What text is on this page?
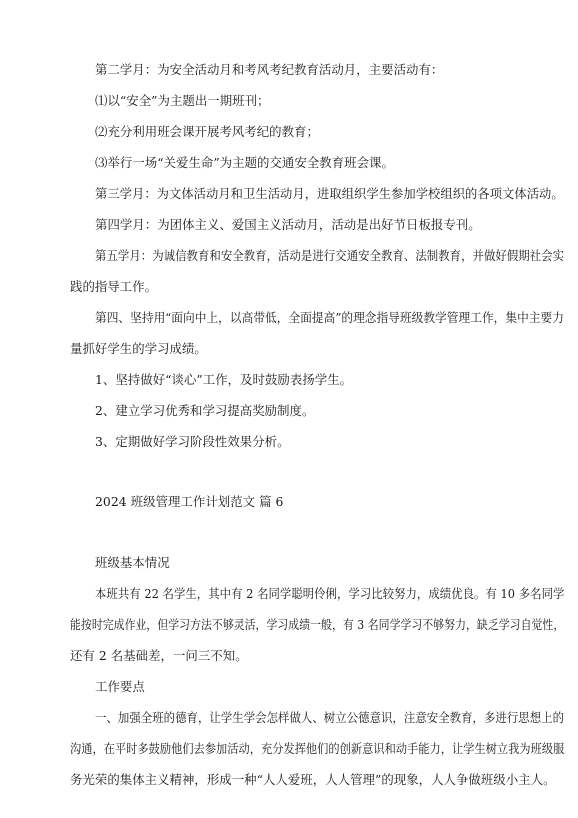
第二学月：为安全活动月和考风考纪教育活动月，主要活动有：
⑴以“安全”为主题出一期班刊；
⑵充分利用班会课开展考风考纪的教育；
⑶举行一场“关爱生命”为主题的交通安全教育班会课。
第三学月：为文体活动月和卫生活动月，进取组织学生参加学校组织的各项文体活动。
第四学月：为团体主义、爱国主义活动月，活动是出好节日板报专刊。
第五学月：为诚信教育和安全教育，活动是进行交通安全教育、法制教育，并做好假期社会实
践的指导工作。
第四、坚持用“面向中上，以高带低，全面提高”的理念指导班级教学管理工作，集中主要力
量抓好学生的学习成绩。
1、坚持做好“谈心”工作，及时鼓励表扬学生。
2、建立学习优秀和学习提高奖励制度。
3、定期做好学习阶段性效果分析。
2024 班级管理工作计划范文 篇 6
班级基本情况
本班共有 22 名学生，其中有 2 名同学聪明伶俐，学习比较努力，成绩优良。有 10 多名同学
能按时完成作业，但学习方法不够灵活，学习成绩一般，有 3 名同学学习不够努力，缺乏学习自觉性，
还有 2 名基础差，一问三不知。
工作要点
一、加强全班的德育，让学生学会怎样做人、树立公德意识，注意安全教育，多进行思想上的
沟通，在平时多鼓励他们去参加活动，充分发挥他们的创新意识和动手能力，让学生树立我为班级服
务光荣的集体主义精神，形成一种“人人爱班，人人管理”的现象，人人争做班级小主人。
